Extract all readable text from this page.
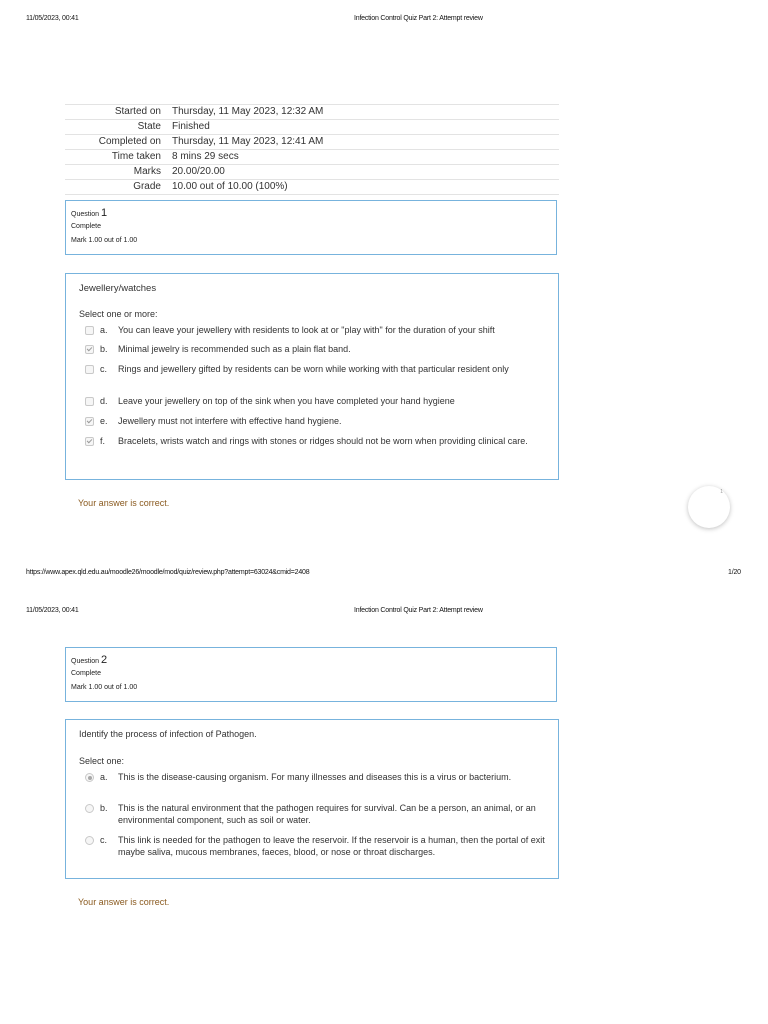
11/05/2023, 00:41	Infection Control Quiz Part 2: Attempt review
Started on	Thursday, 11 May 2023, 12:32 AM
State	Finished
Completed on	Thursday, 11 May 2023, 12:41 AM
Time taken	8 mins 29 secs
Marks	20.00/20.00
Grade	10.00 out of 10.00 (100%)
Question 1
Complete
Mark 1.00 out of 1.00
Jewellery/watches
Select one or more:
a.	You can leave your jewellery with residents to look at or "play with" for the duration of your shift
b.	Minimal jewelry is recommended such as a plain flat band.
c.	Rings and jewellery gifted by residents can be worn while working with that particular resident only
d.	Leave your jewellery on top of the sink when you have completed your hand hygiene
e.	Jewellery must not interfere with effective hand hygiene.
f.	Bracelets, wrists watch and rings with stones or ridges should not be worn when providing clinical care.
Your answer is correct.
1
https://www.apex.qld.edu.au/moodle26/moodle/mod/quiz/review.php?attempt=63024&cmid=2408	1/20
11/05/2023, 00:41	Infection Control Quiz Part 2: Attempt review
Question 2
Complete
Mark 1.00 out of 1.00
Identify the process of infection of Pathogen.
Select one:
a.	This is the disease-causing organism. For many illnesses and diseases this is a virus or bacterium.
b.	This is the natural environment that the pathogen requires for survival. Can be a person, an animal, or an environmental component, such as soil or water.
c.	This link is needed for the pathogen to leave the reservoir. If the reservoir is a human, then the portal of exit maybe saliva, mucous membranes, faeces, blood, or nose or throat discharges.
Your answer is correct.
